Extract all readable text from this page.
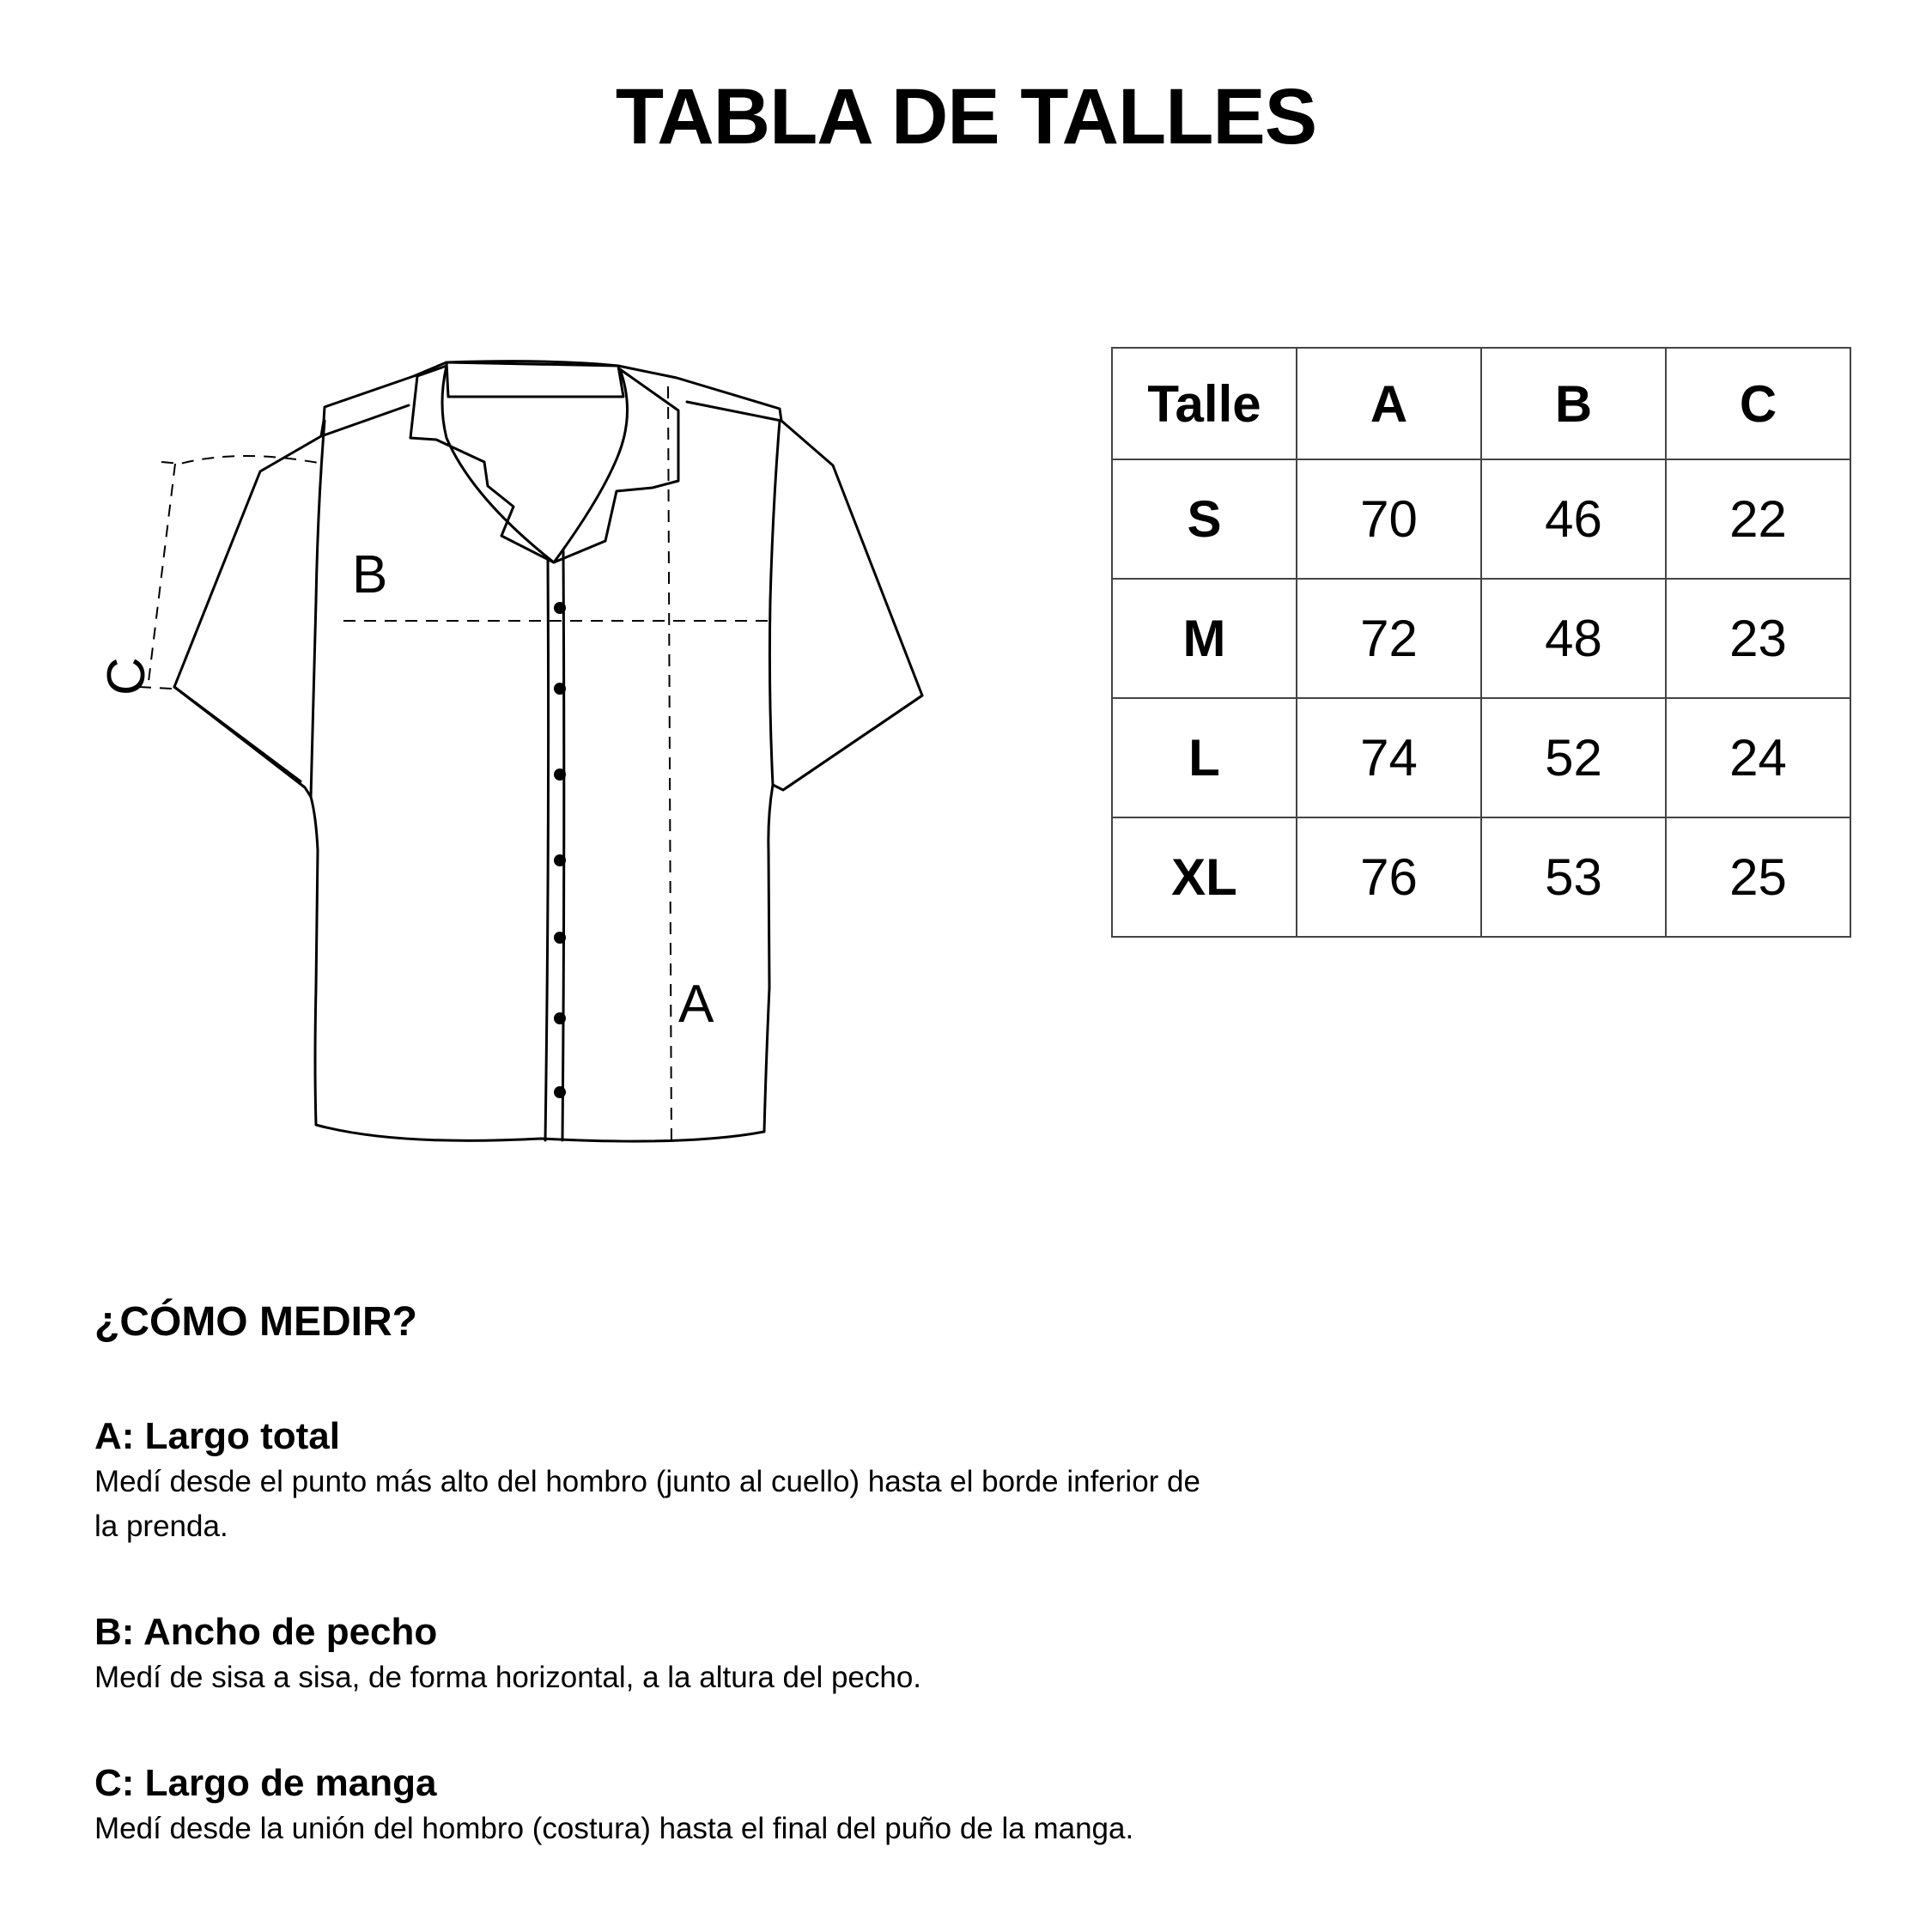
TABLA DE TALLES
B
A
C
Talle	A	B	C
S	70	46	22
M	72	48	23
L	74	52	24
XL	76	53	25
¿CÓMO MEDIR?
A: Largo total

Medí desde el punto más alto del hombro (junto al cuello) hasta el borde inferior de la prenda.

B: Ancho de pecho

Medí de sisa a sisa, de forma horizontal, a la altura del pecho.

C: Largo de manga

Medí desde la unión del hombro (costura) hasta el final del puño de la manga.
